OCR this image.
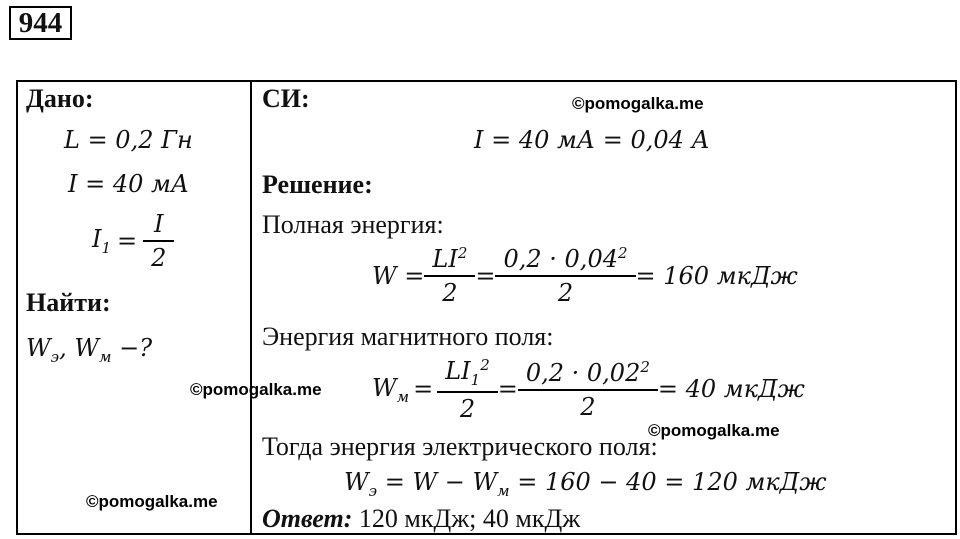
944
Дано:
L = 0,2 Гн
I = 40 мА
$I_1 = \frac{I}{2}$
Найти:
$W_э$, $W_м$ −?
СИ:
I = 40 мА = 0,04 А
Решение:
Полная энергия:
$W = \frac{LI^2}{2} = \frac{0,2 \cdot 0,04^2}{2} = 160$ мкДж
Энергия магнитного поля:
$W_м = \frac{LI_1^2}{2} = \frac{0,2 \cdot 0,02^2}{2} = 40$ мкДж
Тогда энергия электрического поля:
$W_э = W - W_м = 160 - 40 = 120$ мкДж
Ответ: 120 мкДж; 40 мкДж
©pomogalka.me
©pomogalka.me
©pomogalka.me
©pomogalka.me
